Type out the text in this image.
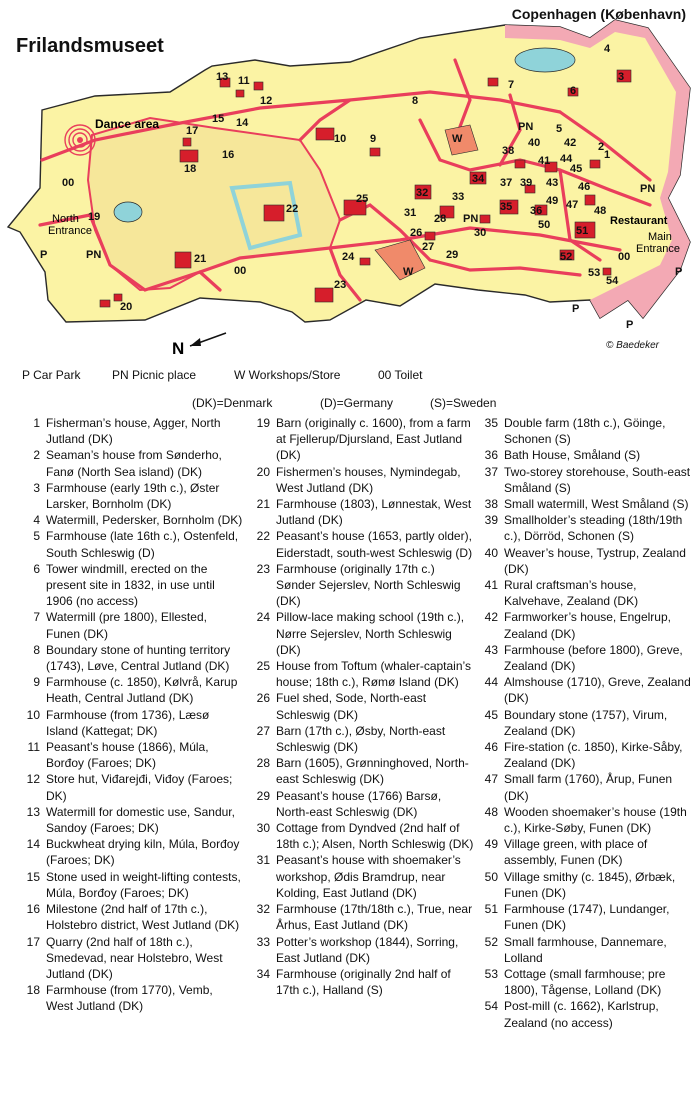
Copenhagen (København)
Frilandsmuseet
1
2
3
4
5
6
7
8
9
10
11
12
13
14
15
16
17
18
19
20
21
22
23
24
25
26
27
28
29
30
31
32 33
34
35 36
37
38
39
40
41
42
43
44
45
46
47 48
49
50 51
52
53
54
Dance area
North Entrance	Main Entrance
Restaurant
P	PN
00
00
00
W
W
PN
PN
PN
P
P
P
N	© Baedeker
P Car Park	PN Picnic place	W Workshops/Store	00 Toilet
(DK)=Denmark	(D)=Germany	(S)=Sweden
1 Fisherman’s house, Agger, North Jutland (DK)
2 Seaman’s house from Sønderho, Fanø (North Sea island) (DK)
3 Farmhouse (early 19th c.), Øster Larsker, Bornholm (DK)
4 Watermill, Pedersker, Bornholm (DK)
5 Farmhouse (late 16th c.), Ostenfeld, South Schleswig (D)
6 Tower windmill, erected on the present site in 1832, in use until 1906 (no access)
7 Watermill (pre 1800), Ellested, Funen (DK)
8 Boundary stone of hunting territory (1743), Løve, Central Jutland (DK)
9 Farmhouse (c. 1850), Kølvrå, Karup Heath, Central Jutland (DK)
10 Farmhouse (from 1736), Læsø Island (Kattegat; DK)
11 Peasant’s house (1866), Múla, Borđoy (Faroes; DK)
12 Store hut, Viđarejđi, Viđoy (Faroes; DK)
13 Watermill for domestic use, Sandur, Sandoy (Faroes; DK)
14 Buckwheat drying kiln, Múla, Borđoy (Faroes; DK)
15 Stone used in weight-lifting contests, Múla, Borđoy (Faroes; DK)
16 Milestone (2nd half of 17th c.), Holstebro district, West Jutland (DK)
17 Quarry (2nd half of 18th c.), Smedevad, near Holstebro, West Jutland (DK)
18 Farmhouse (from 1770), Vemb, West Jutland (DK)
19 Barn (originally c. 1600), from a farm at Fjellerup/Djursland, East Jutland (DK)
20 Fishermen’s houses, Nymindegab, West Jutland (DK)
21 Farmhouse (1803), Lønnestak, West Jutland (DK)
22 Peasant’s house (1653, partly older), Eiderstadt, south-west Schleswig (D)
23 Farmhouse (originally 17th c.) Sønder Sejerslev, North Schleswig (DK)
24 Pillow-lace making school (19th c.), Nørre Sejerslev, North Schleswig (DK)
25 House from Toftum (whaler-captain’s house; 18th c.), Rømø Island (DK)
26 Fuel shed, Sode, North-east Schleswig (DK)
27 Barn (17th c.), Øsby, North-east Schleswig (DK)
28 Barn (1605), Grønninghoved, North-east Schleswig (DK)
29 Peasant’s house (1766) Barsø, North-east Schleswig (DK)
30 Cottage from Dyndved (2nd half of 18th c.); Alsen, North Schleswig (DK)
31 Peasant’s house with shoemaker’s workshop, Ødis Bramdrup, near Kolding, East Jutland (DK)
32 Farmhouse (17th/18th c.), True, near Århus, East Jutland (DK)
33 Potter’s workshop (1844), Sorring, East Jutland (DK)
34 Farmhouse (originally 2nd half of 17th c.), Halland (S)
35 Double farm (18th c.), Göinge, Schonen (S)
36 Bath House, Småland (S)
37 Two-storey storehouse, South-east Småland (S)
38 Small watermill, West Småland (S)
39 Smallholder’s steading (18th/19th c.), Dörröd, Schonen (S)
40 Weaver’s house, Tystrup, Zealand (DK)
41 Rural craftsman’s house, Kalvehave, Zealand (DK)
42 Farmworker’s house, Engelrup, Zealand (DK)
43 Farmhouse (before 1800), Greve, Zealand (DK)
44 Almshouse (1710), Greve, Zealand (DK)
45 Boundary stone (1757), Virum, Zealand (DK)
46 Fire-station (c. 1850), Kirke-Såby, Zealand (DK)
47 Small farm (1760), Årup, Funen (DK)
48 Wooden shoemaker’s house (19th c.), Kirke-Søby, Funen (DK)
49 Village green, with place of assembly, Funen (DK)
50 Village smithy (c. 1845), Ørbæk, Funen (DK)
51 Farmhouse (1747), Lundanger, Funen (DK)
52 Small farmhouse, Dannemare, Lolland
53 Cottage (small farmhouse; pre 1800), Tågense, Lolland (DK)
54 Post-mill (c. 1662), Karlstrup, Zealand (no access)
